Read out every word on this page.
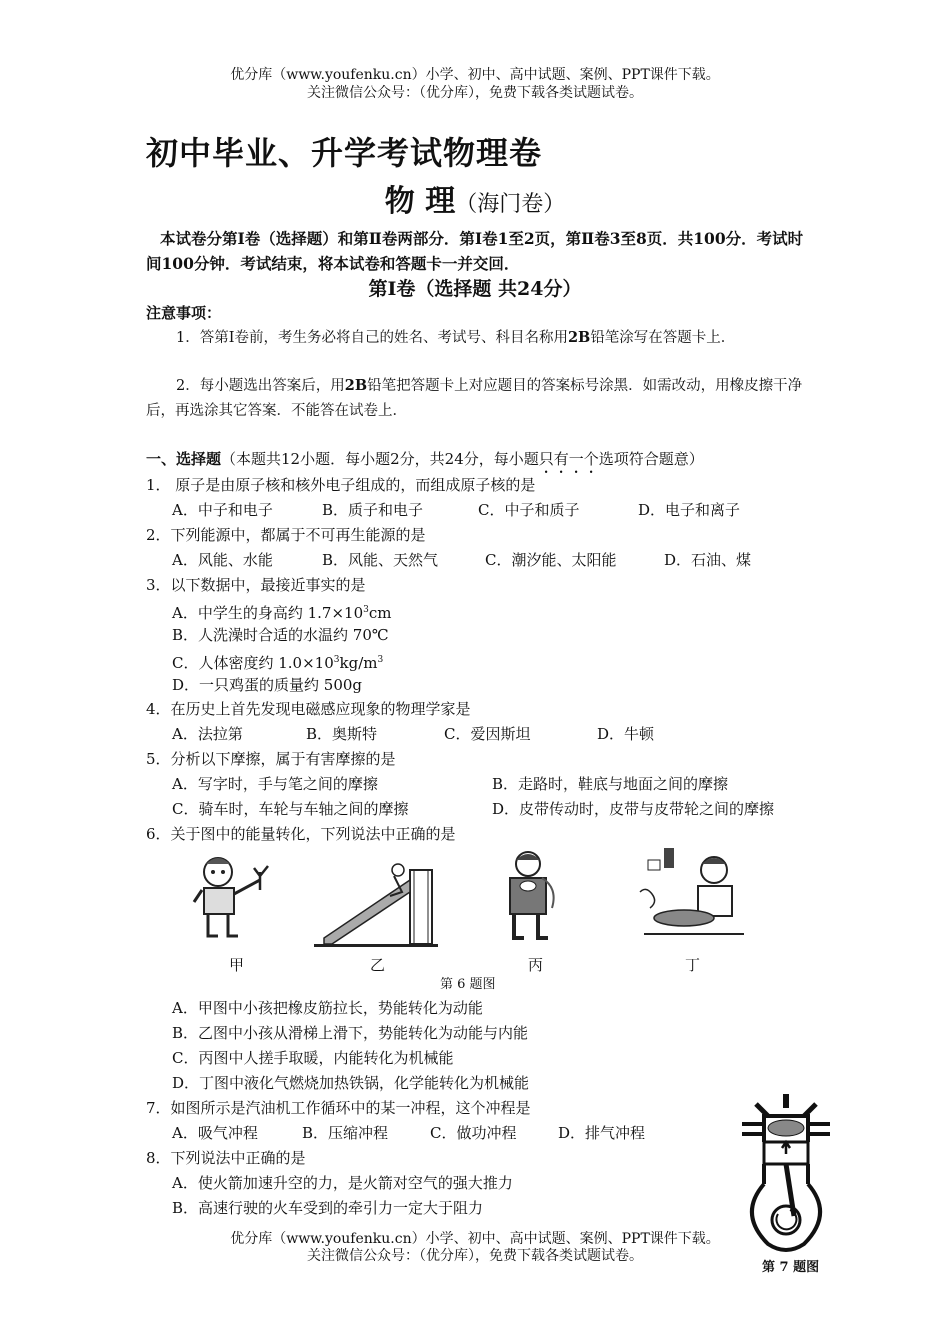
优分库（www.youfenku.cn）小学、初中、高中试题、案例、PPT课件下载。
关注微信公众号：（优分库），免费下载各类试题试卷。
初中毕业、升学考试物理卷
物 理（海门卷）
本试卷分第Ⅰ卷（选择题）和第Ⅱ卷两部分．第Ⅰ卷1至2页，第Ⅱ卷3至8页．共100分．考试时间100分钟．考试结束，将本试卷和答题卡一并交回．
第Ⅰ卷（选择题 共24分）
注意事项：
1．答第Ⅰ卷前，考生务必将自己的姓名、考试号、科目名称用2B铅笔涂写在答题卡上．
2．每小题选出答案后，用2B铅笔把答题卡上对应题目的答案标号涂黑．如需改动，用橡皮擦干净后，再选涂其它答案．不能答在试卷上．
一、选择题（本题共12小题．每小题2分，共24分，每小题只有一个选项符合题意）
1． 原子是由原子核和核外电子组成的，而组成原子核的是
A．中子和电子	B．质子和电子	C．中子和质子	D．电子和离子
2．下列能源中，都属于不可再生能源的是
A．风能、水能	B．风能、天然气	C．潮汐能、太阳能	D．石油、煤
3．以下数据中，最接近事实的是
A．中学生的身高约 $1.7\times 10^3cm$
B．人洗澡时合适的水温约 70℃
C．人体密度约 $1.0\times 10^3kg/m^3$
D．一只鸡蛋的质量约 500g
4．在历史上首先发现电磁感应现象的物理学家是
A．法拉第	B．奥斯特	C．爱因斯坦	D．牛顿
5．分析以下摩擦，属于有害摩擦的是
A．写字时，手与笔之间的摩擦	B．走路时，鞋底与地面之间的摩擦
C．骑车时，车轮与车轴之间的摩擦	D．皮带传动时，皮带与皮带轮之间的摩擦
6．关于图中的能量转化，下列说法中正确的是
甲	乙	丙	丁
第 6 题图
A．甲图中小孩把橡皮筋拉长，势能转化为动能
B．乙图中小孩从滑梯上滑下，势能转化为动能与内能
C．丙图中人搓手取暖，内能转化为机械能
D．丁图中液化气燃烧加热铁锅，化学能转化为机械能
7．如图所示是汽油机工作循环中的某一冲程，这个冲程是
A．吸气冲程	B．压缩冲程	C．做功冲程	D．排气冲程
第 7 题图
8．下列说法中正确的是
A．使火箭加速升空的力，是火箭对空气的强大推力
B．高速行驶的火车受到的牵引力一定大于阻力
优分库（www.youfenku.cn）小学、初中、高中试题、案例、PPT课件下载。
关注微信公众号：（优分库），免费下载各类试题试卷。
